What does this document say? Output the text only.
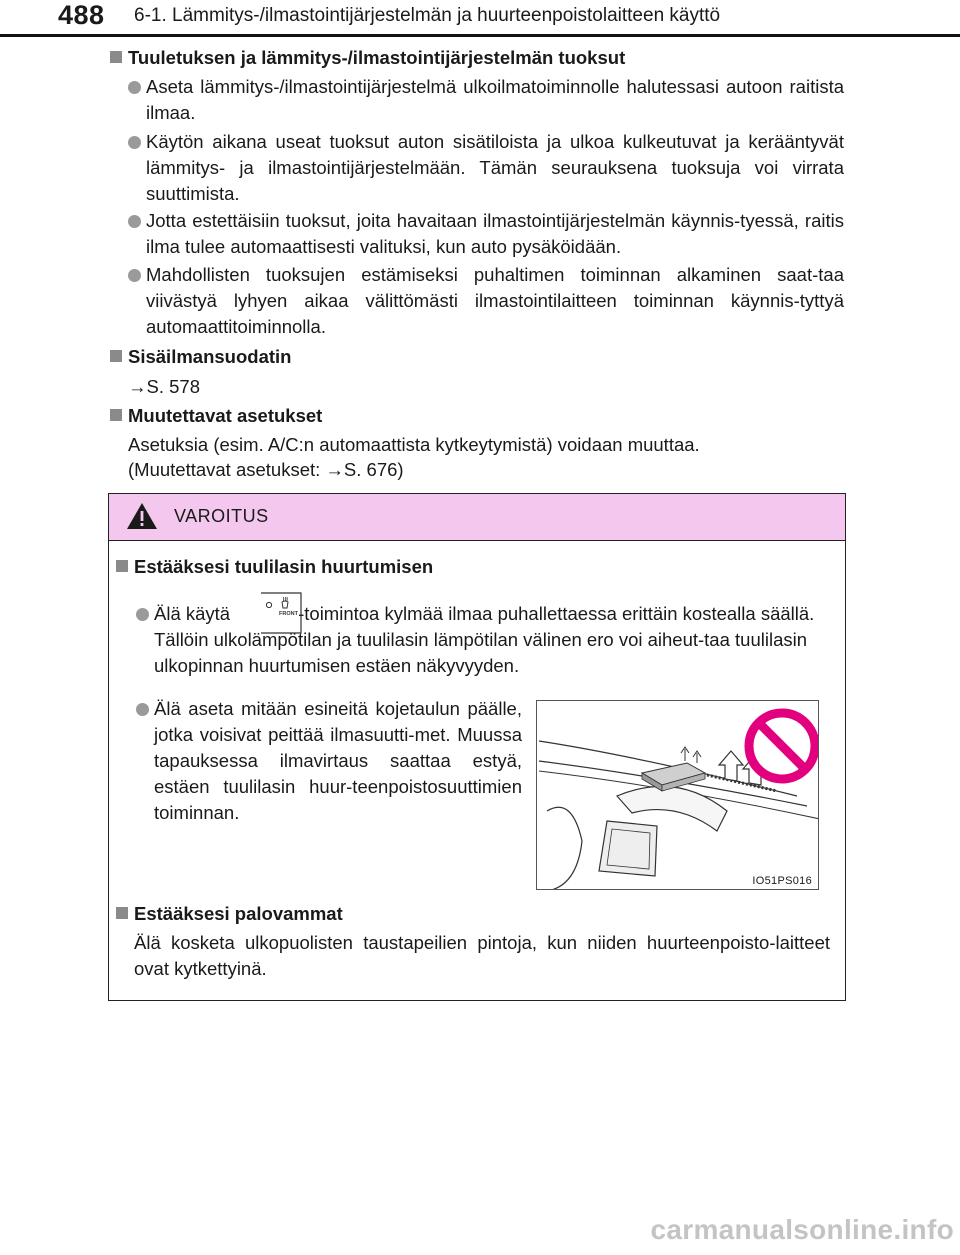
488 6-1. Lämmitys-/ilmastointijärjestelmän ja huurteenpoistolaitteen käyttö
Tuuletuksen ja lämmitys-/ilmastointijärjestelmän tuoksut
Aseta lämmitys-/ilmastointijärjestelmä ulkoilmatoiminnolle halutessasi autoon raitista ilmaa.
Käytön aikana useat tuoksut auton sisätiloista ja ulkoa kulkeutuvat ja kerääntyvät lämmitys- ja ilmastointijärjestelmään. Tämän seurauksena tuoksuja voi virrata suuttimista.
Jotta estettäisiin tuoksut, joita havaitaan ilmastointijärjestelmän käynnis-tyessä, raitis ilma tulee automaattisesti valituksi, kun auto pysäköidään.
Mahdollisten tuoksujen estämiseksi puhaltimen toiminnan alkaminen saat-taa viivästyä lyhyen aikaa välittömästi ilmastointilaitteen toiminnan käynnis-tyttyä automaattitoiminnolla.
Sisäilmansuodatin
→S. 578
Muutettavat asetukset
Asetuksia (esim. A/C:n automaattista kytkeytymistä) voidaan muuttaa.
(Muutettavat asetukset: →S. 676)
VAROITUS
Estääksesi tuulilasin huurtumisen
Älä käytä	-toimintoa kylmää ilmaa puhallettaessa erittäin kostealla säällä. Tällöin ulkolämpötilan ja tuulilasin lämpötilan välinen ero voi aiheut-taa tuulilasin ulkopinnan huurtumisen estäen näkyvyyden.
FRONT
Älä aseta mitään esineitä kojetaulun päälle, jotka voisivat peittää ilmasuutti-met. Muussa tapauksessa ilmavirtaus saattaa estyä, estäen tuulilasin huur-teenpoistosuuttimien toiminnan.
IO51PS016
Estääksesi palovammat
Älä kosketa ulkopuolisten taustapeilien pintoja, kun niiden huurteenpoisto-laitteet ovat kytkettyinä.
carmanualsonline.info
